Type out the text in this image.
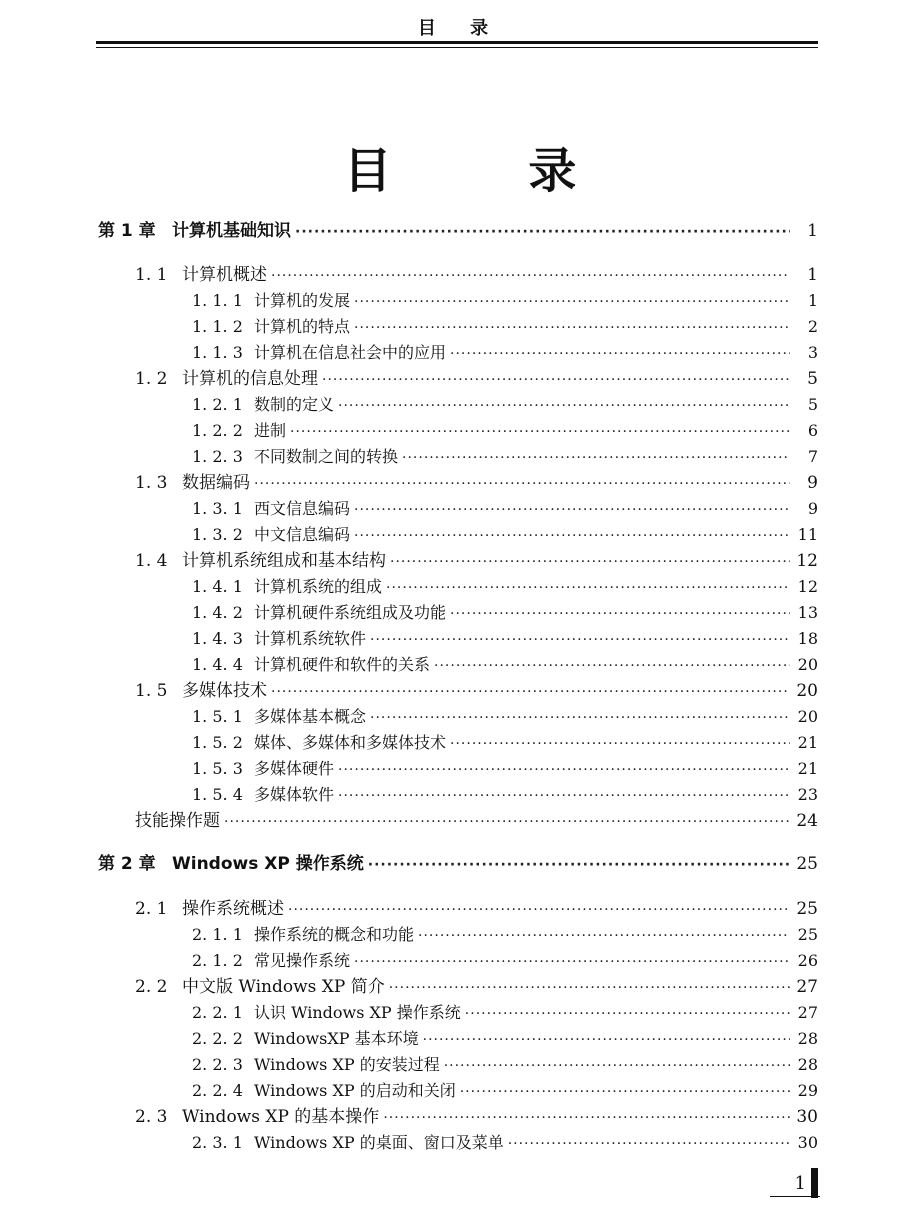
目 录
目 录
第 1 章 计算机基础知识 ·····	1
1. 1 计算机概述 ·····	1
1. 1. 1 计算机的发展 ·····	1
1. 1. 2 计算机的特点 ·····	2
1. 1. 3 计算机在信息社会中的应用 ·····	3
1. 2 计算机的信息处理 ·····	5
1. 2. 1 数制的定义 ·····	5
1. 2. 2 进制 ·····	6
1. 2. 3 不同数制之间的转换 ·····	7
1. 3 数据编码 ·····	9
1. 3. 1 西文信息编码 ·····	9
1. 3. 2 中文信息编码 ·····	11
1. 4 计算机系统组成和基本结构 ·····	12
1. 4. 1 计算机系统的组成 ·····	12
1. 4. 2 计算机硬件系统组成及功能 ·····	13
1. 4. 3 计算机系统软件 ·····	18
1. 4. 4 计算机硬件和软件的关系 ·····	20
1. 5 多媒体技术 ·····	20
1. 5. 1 多媒体基本概念 ·····	20
1. 5. 2 媒体、多媒体和多媒体技术 ·····	21
1. 5. 3 多媒体硬件 ·····	21
1. 5. 4 多媒体软件 ·····	23
技能操作题 ·····	24
第 2 章 Windows XP 操作系统 ·····	25
2. 1 操作系统概述 ·····	25
2. 1. 1 操作系统的概念和功能 ·····	25
2. 1. 2 常见操作系统 ·····	26
2. 2 中文版 Windows XP 简介 ·····	27
2. 2. 1 认识 Windows XP 操作系统 ·····	27
2. 2. 2 WindowsXP 基本环境 ·····	28
2. 2. 3 Windows XP 的安装过程 ·····	28
2. 2. 4 Windows XP 的启动和关闭 ·····	29
2. 3 Windows XP 的基本操作 ·····	30
2. 3. 1 Windows XP 的桌面、窗口及菜单 ·····	30
1
